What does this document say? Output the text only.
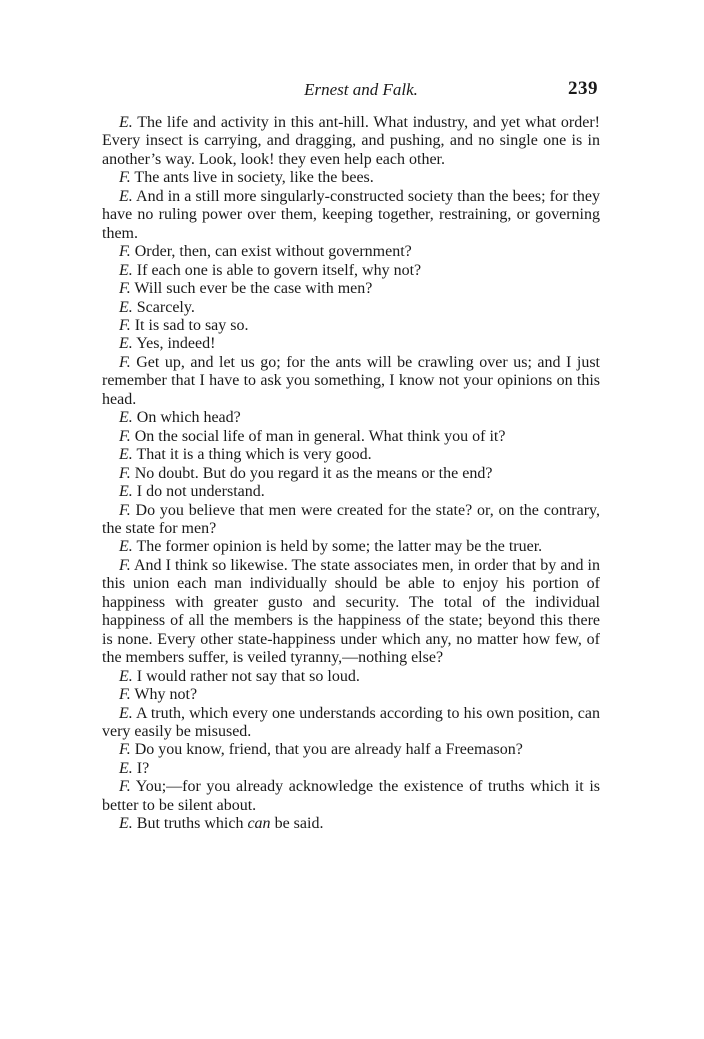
Ernest and Falk.	239

E. The life and activity in this ant-hill. What industry, and yet what order! Every insect is carrying, and dragging, and pushing, and no single one is in another’s way. Look, look! they even help each other.

F. The ants live in society, like the bees.

E. And in a still more singularly-constructed society than the bees; for they have no ruling power over them, keeping together, restraining, or governing them.

F. Order, then, can exist without government?

E. If each one is able to govern itself, why not?

F. Will such ever be the case with men?

E. Scarcely.

F. It is sad to say so.

E. Yes, indeed!

F. Get up, and let us go; for the ants will be crawling over us; and I just remember that I have to ask you something, I know not your opinions on this head.

E. On which head?

F. On the social life of man in general. What think you of it?

E. That it is a thing which is very good.

F. No doubt. But do you regard it as the means or the end?

E. I do not understand.

F. Do you believe that men were created for the state? or, on the contrary, the state for men?

E. The former opinion is held by some; the latter may be the truer.

F. And I think so likewise. The state associates men, in order that by and in this union each man individually should be able to enjoy his portion of happiness with greater gusto and security. The total of the individual happiness of all the members is the happiness of the state; beyond this there is none. Every other state-happiness under which any, no matter how few, of the members suffer, is veiled tyranny,—nothing else?

E. I would rather not say that so loud.

F. Why not?

E. A truth, which every one understands according to his own position, can very easily be misused.

F. Do you know, friend, that you are already half a Freemason?

E. I?

F. You;—for you already acknowledge the existence of truths which it is better to be silent about.

E. But truths which can be said.
